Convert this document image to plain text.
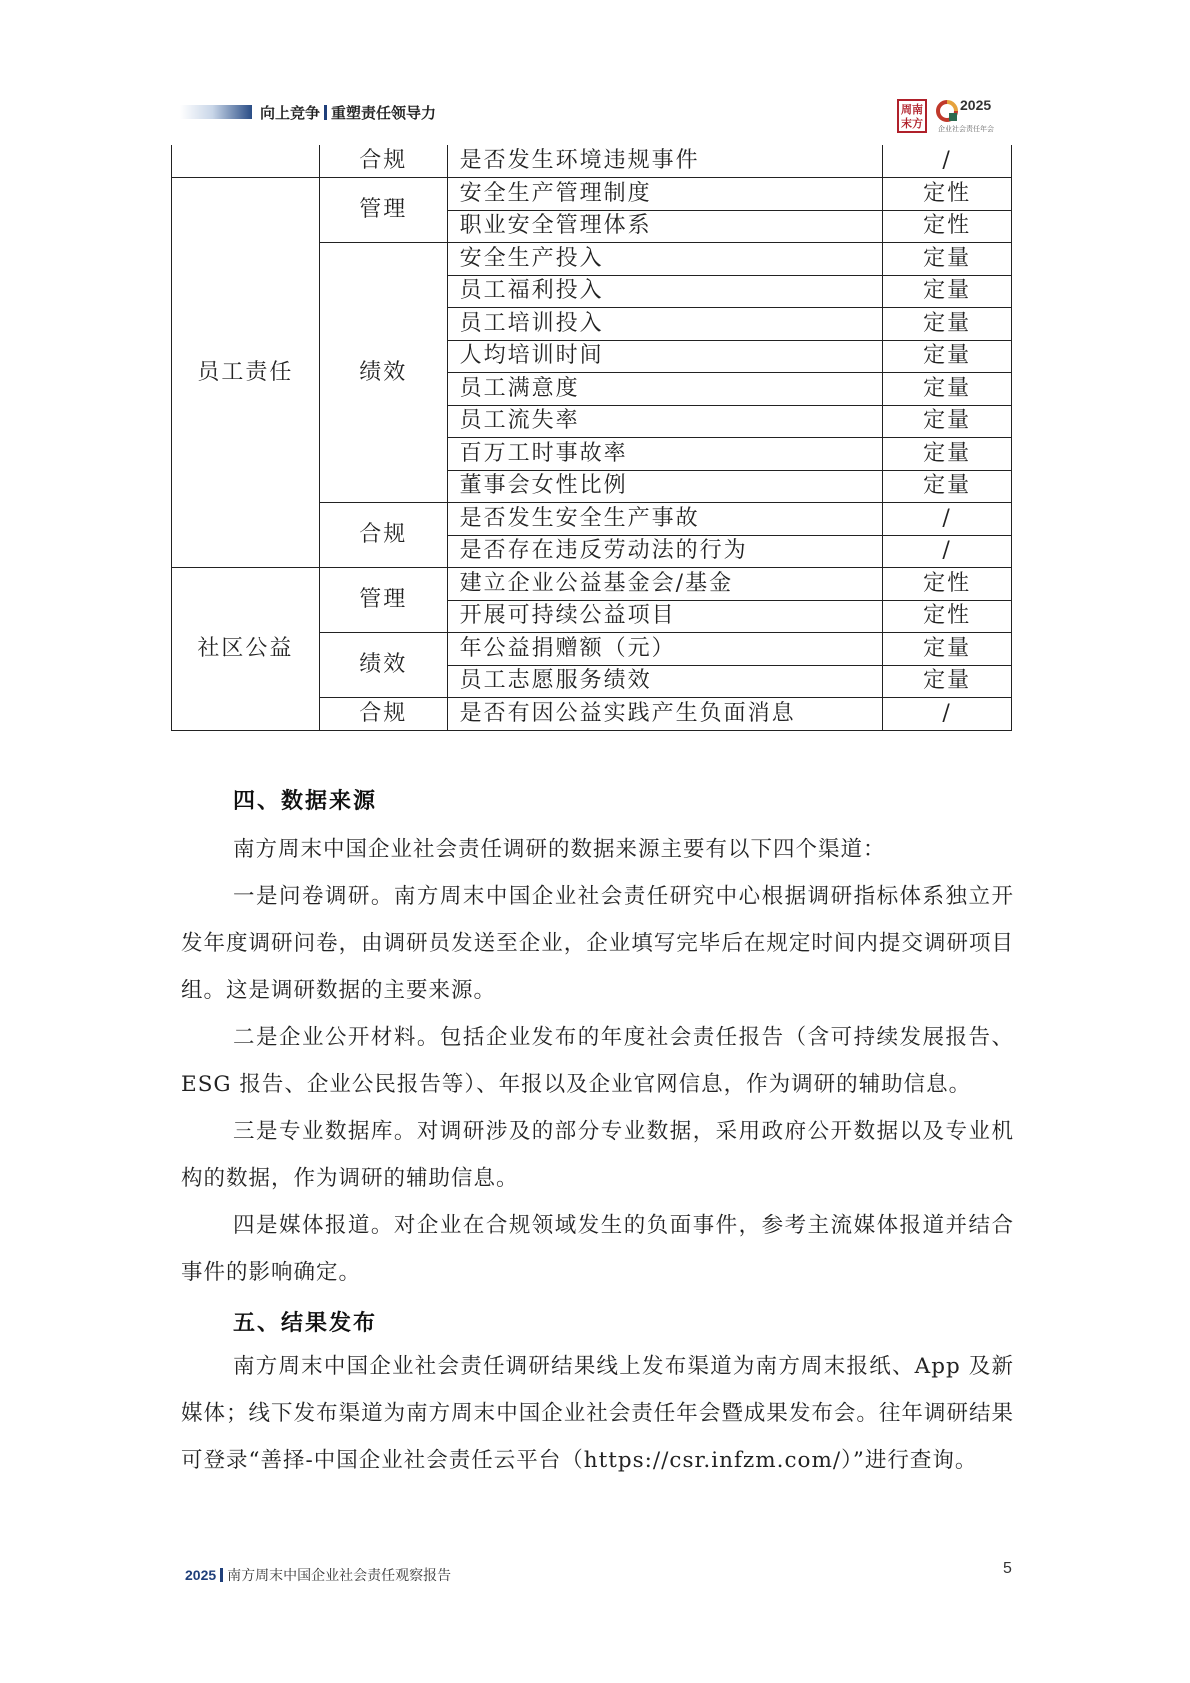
向上竞争 重塑责任领导力	周南末方
2025
企业社会责任年会
	合规	是否发生环境违规事件	/
员工责任	管理	安全生产管理制度	定性
		职业安全管理体系	定性
	绩效	安全生产投入	定量
		员工福利投入	定量
		员工培训投入	定量
		人均培训时间	定量
		员工满意度	定量
		员工流失率	定量
		百万工时事故率	定量
		董事会女性比例	定量
	合规	是否发生安全生产事故	/
		是否存在违反劳动法的行为	/
社区公益	管理	建立企业公益基金会/基金	定性
		开展可持续公益项目	定性
	绩效	年公益捐赠额（元）	定量
		员工志愿服务绩效	定量
	合规	是否有因公益实践产生负面消息	/
四、数据来源
南方周末中国企业社会责任调研的数据来源主要有以下四个渠道：
一是问卷调研。南方周末中国企业社会责任研究中心根据调研指标体系独立开发年度调研问卷，由调研员发送至企业，企业填写完毕后在规定时间内提交调研项目组。这是调研数据的主要来源。
二是企业公开材料。包括企业发布的年度社会责任报告（含可持续发展报告、ESG 报告、企业公民报告等）、年报以及企业官网信息，作为调研的辅助信息。
三是专业数据库。对调研涉及的部分专业数据，采用政府公开数据以及专业机构的数据，作为调研的辅助信息。
四是媒体报道。对企业在合规领域发生的负面事件，参考主流媒体报道并结合事件的影响确定。
五、结果发布
南方周末中国企业社会责任调研结果线上发布渠道为南方周末报纸、App 及新媒体；线下发布渠道为南方周末中国企业社会责任年会暨成果发布会。往年调研结果可登录“善择-中国企业社会责任云平台（https://csr.infzm.com/）”进行查询。
2025 南方周末中国企业社会责任观察报告	5
